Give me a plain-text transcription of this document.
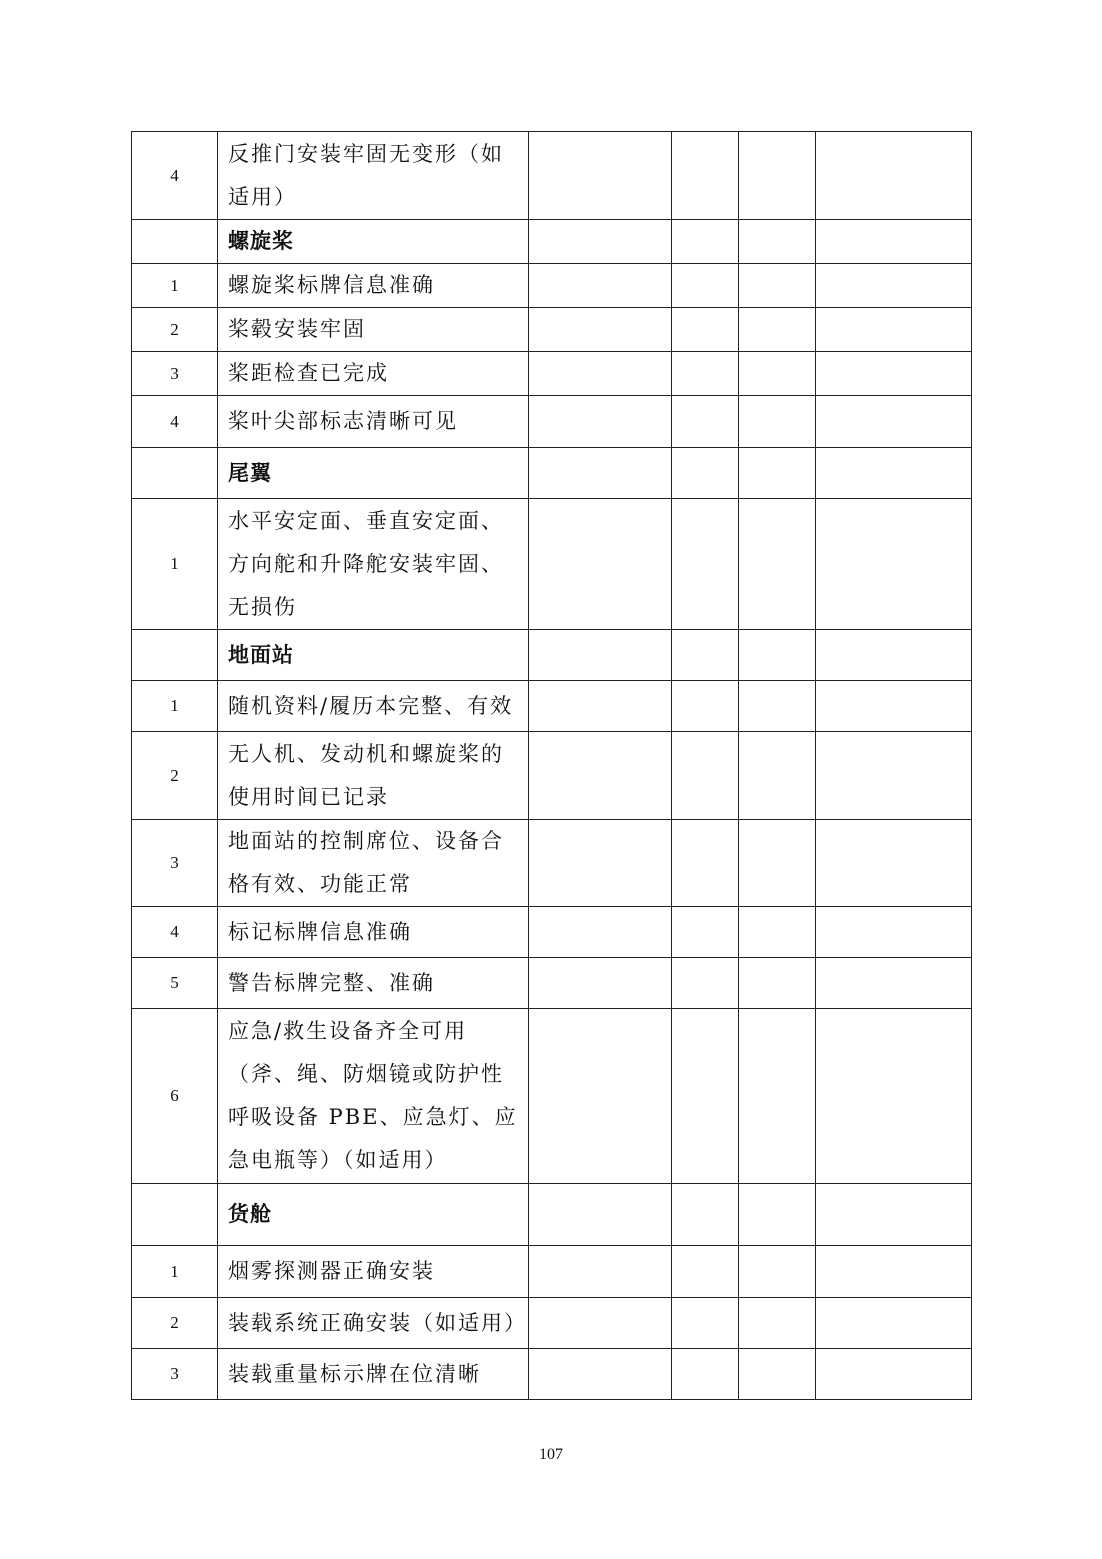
4	反推门安装牢固无变形（如适用）				
	螺旋桨				
1	螺旋桨标牌信息准确				
2	桨毂安装牢固				
3	桨距检查已完成				
4	桨叶尖部标志清晰可见				
	尾翼				
1	水平安定面、垂直安定面、方向舵和升降舵安装牢固、无损伤				
	地面站				
1	随机资料/履历本完整、有效				
2	无人机、发动机和螺旋桨的使用时间已记录				
3	地面站的控制席位、设备合格有效、功能正常				
4	标记标牌信息准确				
5	警告标牌完整、准确				
6	应急/救生设备齐全可用（斧、绳、防烟镜或防护性呼吸设备 PBE、应急灯、应急电瓶等）（如适用）				
	货舱				
1	烟雾探测器正确安装				
2	装载系统正确安装（如适用）				
3	装载重量标示牌在位清晰				
107
